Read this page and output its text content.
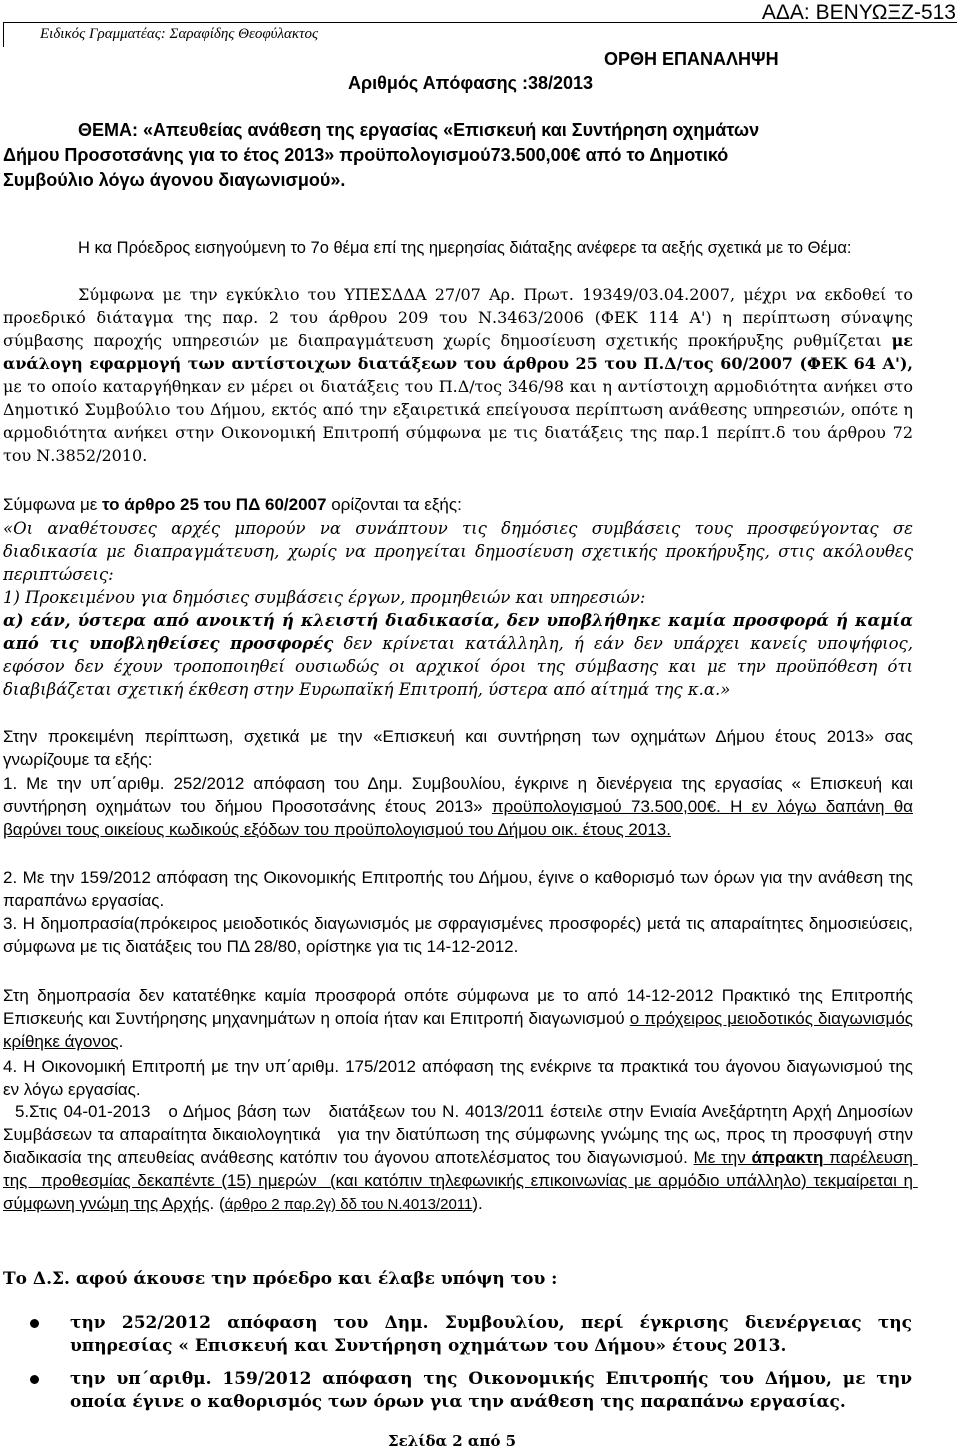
Ειδικός Γραμματέας: Σαραφίδης Θεοφύλακτος
ΑΔΑ: ΒΕΝΥΩΞΖ-513
ΟΡΘΗ ΕΠΑΝΑΛΗΨΗ
Αριθμός Απόφασης :38/2013
ΘΕΜΑ: «Απευθείας ανάθεση της εργασίας «Επισκευή και Συντήρηση οχημάτων
Δήμου Προσοτσάνης για το έτος 2013» προϋπολογισμού73.500,00€ από το Δημοτικό
Συμβούλιο λόγω άγονου διαγωνισμού».
Η κα Πρόεδρος εισηγούμενη το 7ο θέμα επί της ημερησίας διάταξης ανέφερε τα αεξής σχετικά με το Θέμα:
Σύμφωνα με την εγκύκλιο του ΥΠΕΣΔΔΑ 27/07 Αρ. Πρωτ. 19349/03.04.2007, μέχρι να εκδοθεί το προεδρικό διάταγμα της παρ. 2 του άρθρου 209 του Ν.3463/2006 (ΦΕΚ 114 Α') η περίπτωση σύναψης σύμβασης παροχής υπηρεσιών με διαπραγμάτευση χωρίς δημοσίευση σχετικής προκήρυξης ρυθμίζεται με ανάλογη εφαρμογή των αντίστοιχων διατάξεων του άρθρου 25 του Π.Δ/τος 60/2007 (ΦΕΚ 64 Α'), με το οποίο καταργήθηκαν εν μέρει οι διατάξεις του Π.Δ/τος 346/98 και η αντίστοιχη αρμοδιότητα ανήκει στο Δημοτικό Συμβούλιο του Δήμου, εκτός από την εξαιρετικά επείγουσα περίπτωση ανάθεσης υπηρεσιών, οπότε η αρμοδιότητα ανήκει στην Οικονομική Επιτροπή σύμφωνα με τις διατάξεις της παρ.1 περίπτ.δ του άρθρου 72 του Ν.3852/2010.
Σύμφωνα με το άρθρο 25 του ΠΔ 60/2007 ορίζονται τα εξής:
«Οι αναθέτουσες αρχές μπορούν να συνάπτουν τις δημόσιες συμβάσεις τους προσφεύγοντας σε διαδικασία με διαπραγμάτευση, χωρίς να προηγείται δημοσίευση σχετικής προκήρυξης, στις ακόλουθες περιπτώσεις:
1) Προκειμένου για δημόσιες συμβάσεις έργων, προμηθειών και υπηρεσιών:
α) εάν, ύστερα από ανοικτή ή κλειστή διαδικασία, δεν υποβλήθηκε καμία προσφορά ή καμία από τις υποβληθείσες προσφορές δεν κρίνεται κατάλληλη, ή εάν δεν υπάρχει κανείς υποψήφιος, εφόσον δεν έχουν τροποποιηθεί ουσιωδώς οι αρχικοί όροι της σύμβασης και με την προϋπόθεση ότι διαβιβάζεται σχετική έκθεση στην Ευρωπαϊκή Επιτροπή, ύστερα από αίτημά της κ.α.»
Στην προκειμένη περίπτωση, σχετικά με την «Επισκευή και συντήρηση των οχημάτων Δήμου έτους 2013» σας γνωρίζουμε τα εξής:
1. Με την υπ΄αριθμ. 252/2012 απόφαση του Δημ. Συμβουλίου, έγκρινε η διενέργεια της εργασίας « Επισκευή και συντήρηση οχημάτων του δήμου Προσοτσάνης έτους 2013» προϋπολογισμού 73.500,00€. Η εν λόγω δαπάνη θα βαρύνει τους οικείους κωδικούς εξόδων του προϋπολογισμού του Δήμου οικ. έτους 2013.
2. Με την 159/2012 απόφαση της Οικονομικής Επιτροπής του Δήμου, έγινε ο καθορισμό των όρων για την ανάθεση της παραπάνω εργασίας.
3. Η δημοπρασία(πρόκειρος μειοδοτικός διαγωνισμός με σφραγισμένες προσφορές) μετά τις απαραίτητες δημοσιεύσεις, σύμφωνα με τις διατάξεις του ΠΔ 28/80, ορίστηκε για τις 14-12-2012.
Στη δημοπρασία δεν κατατέθηκε καμία προσφορά οπότε σύμφωνα με το από 14-12-2012 Πρακτικό της Επιτροπής Επισκευής και Συντήρησης μηχανημάτων η οποία ήταν και Επιτροπή διαγωνισμού ο πρόχειρος μειοδοτικός διαγωνισμός κρίθηκε άγονος.
4. Η Οικονομική Επιτροπή με την υπ΄αριθμ. 175/2012 απόφαση της ενέκρινε τα πρακτικά του άγονου διαγωνισμού της εν λόγω εργασίας.
5.Στις 04-01-2013   ο Δήμος βάση των   διατάξεων του Ν. 4013/2011 έστειλε στην Ενιαία Ανεξάρτητη Αρχή Δημοσίων Συμβάσεων τα απαραίτητα δικαιολογητικά   για την διατύπωση της σύμφωνης γνώμης της ως, προς τη προσφυγή στην διαδικασία της απευθείας ανάθεσης κατόπιν του άγονου αποτελέσματος του διαγωνισμού. Με την άπρακτη παρέλευση της  προθεσμίας δεκαπέντε (15) ημερών  (και κατόπιν τηλεφωνικής επικοινωνίας με αρμόδιο υπάλληλο) τεκμαίρεται η σύμφωνη γνώμη της Αρχής. (άρθρο 2 παρ.2γ) δδ του Ν.4013/2011).
Το Δ.Σ. αφού άκουσε την πρόεδρο και έλαβε υπόψη του :
την 252/2012 απόφαση του Δημ. Συμβουλίου, περί έγκρισης διενέργειας της υπηρεσίας « Επισκευή και Συντήρηση οχημάτων του Δήμου» έτους 2013.
την υπ΄αριθμ. 159/2012 απόφαση της Οικονομικής Επιτροπής του Δήμου, με την οποία έγινε ο καθορισμός των όρων για την ανάθεση της παραπάνω εργασίας.
Σελίδα 2 από 5
